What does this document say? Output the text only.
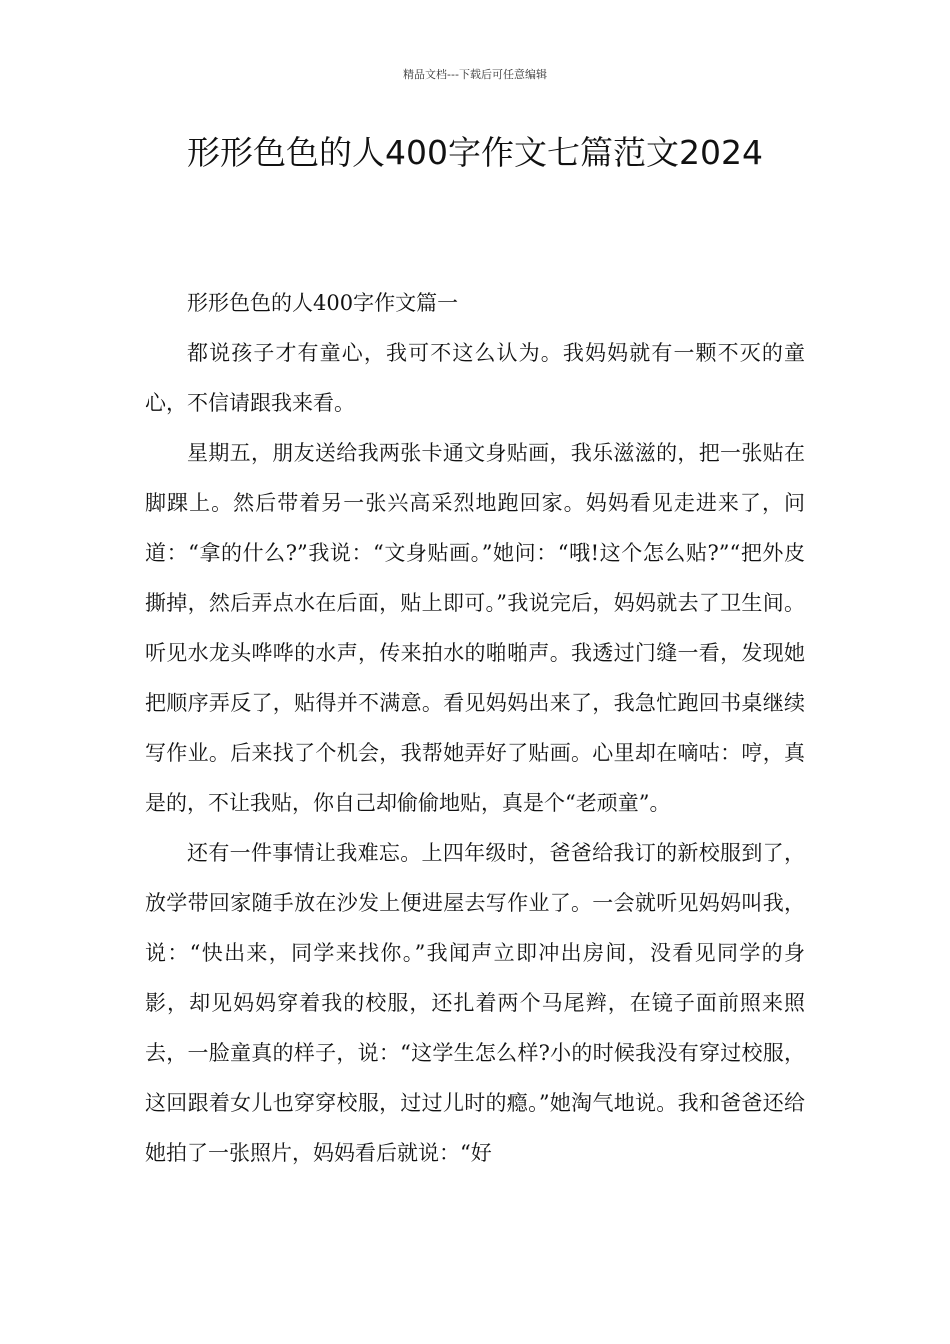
精品文档---下载后可任意编辑
形形色色的人400字作文七篇范文2024

形形色色的人400字作文篇一

都说孩子才有童心，我可不这么认为。我妈妈就有一颗不灭的童心，不信请跟我来看。

星期五，朋友送给我两张卡通文身贴画，我乐滋滋的，把一张贴在脚踝上。然后带着另一张兴高采烈地跑回家。妈妈看见走进来了，问道：“拿的什么?”我说：“文身贴画。”她问：“哦!这个怎么贴?”“把外皮撕掉，然后弄点水在后面，贴上即可。”我说完后，妈妈就去了卫生间。听见水龙头哗哗的水声，传来拍水的啪啪声。我透过门缝一看，发现她把顺序弄反了，贴得并不满意。看见妈妈出来了，我急忙跑回书桌继续写作业。后来找了个机会，我帮她弄好了贴画。心里却在嘀咕：哼，真是的，不让我贴，你自己却偷偷地贴，真是个“老顽童”。

还有一件事情让我难忘。上四年级时，爸爸给我订的新校服到了，放学带回家随手放在沙发上便进屋去写作业了。一会就听见妈妈叫我，说：“快出来，同学来找你。”我闻声立即冲出房间，没看见同学的身影，却见妈妈穿着我的校服，还扎着两个马尾辫，在镜子面前照来照去，一脸童真的样子，说：“这学生怎么样?小的时候我没有穿过校服，这回跟着女儿也穿穿校服，过过儿时的瘾。”她淘气地说。我和爸爸还给她拍了一张照片，妈妈看后就说：“好
